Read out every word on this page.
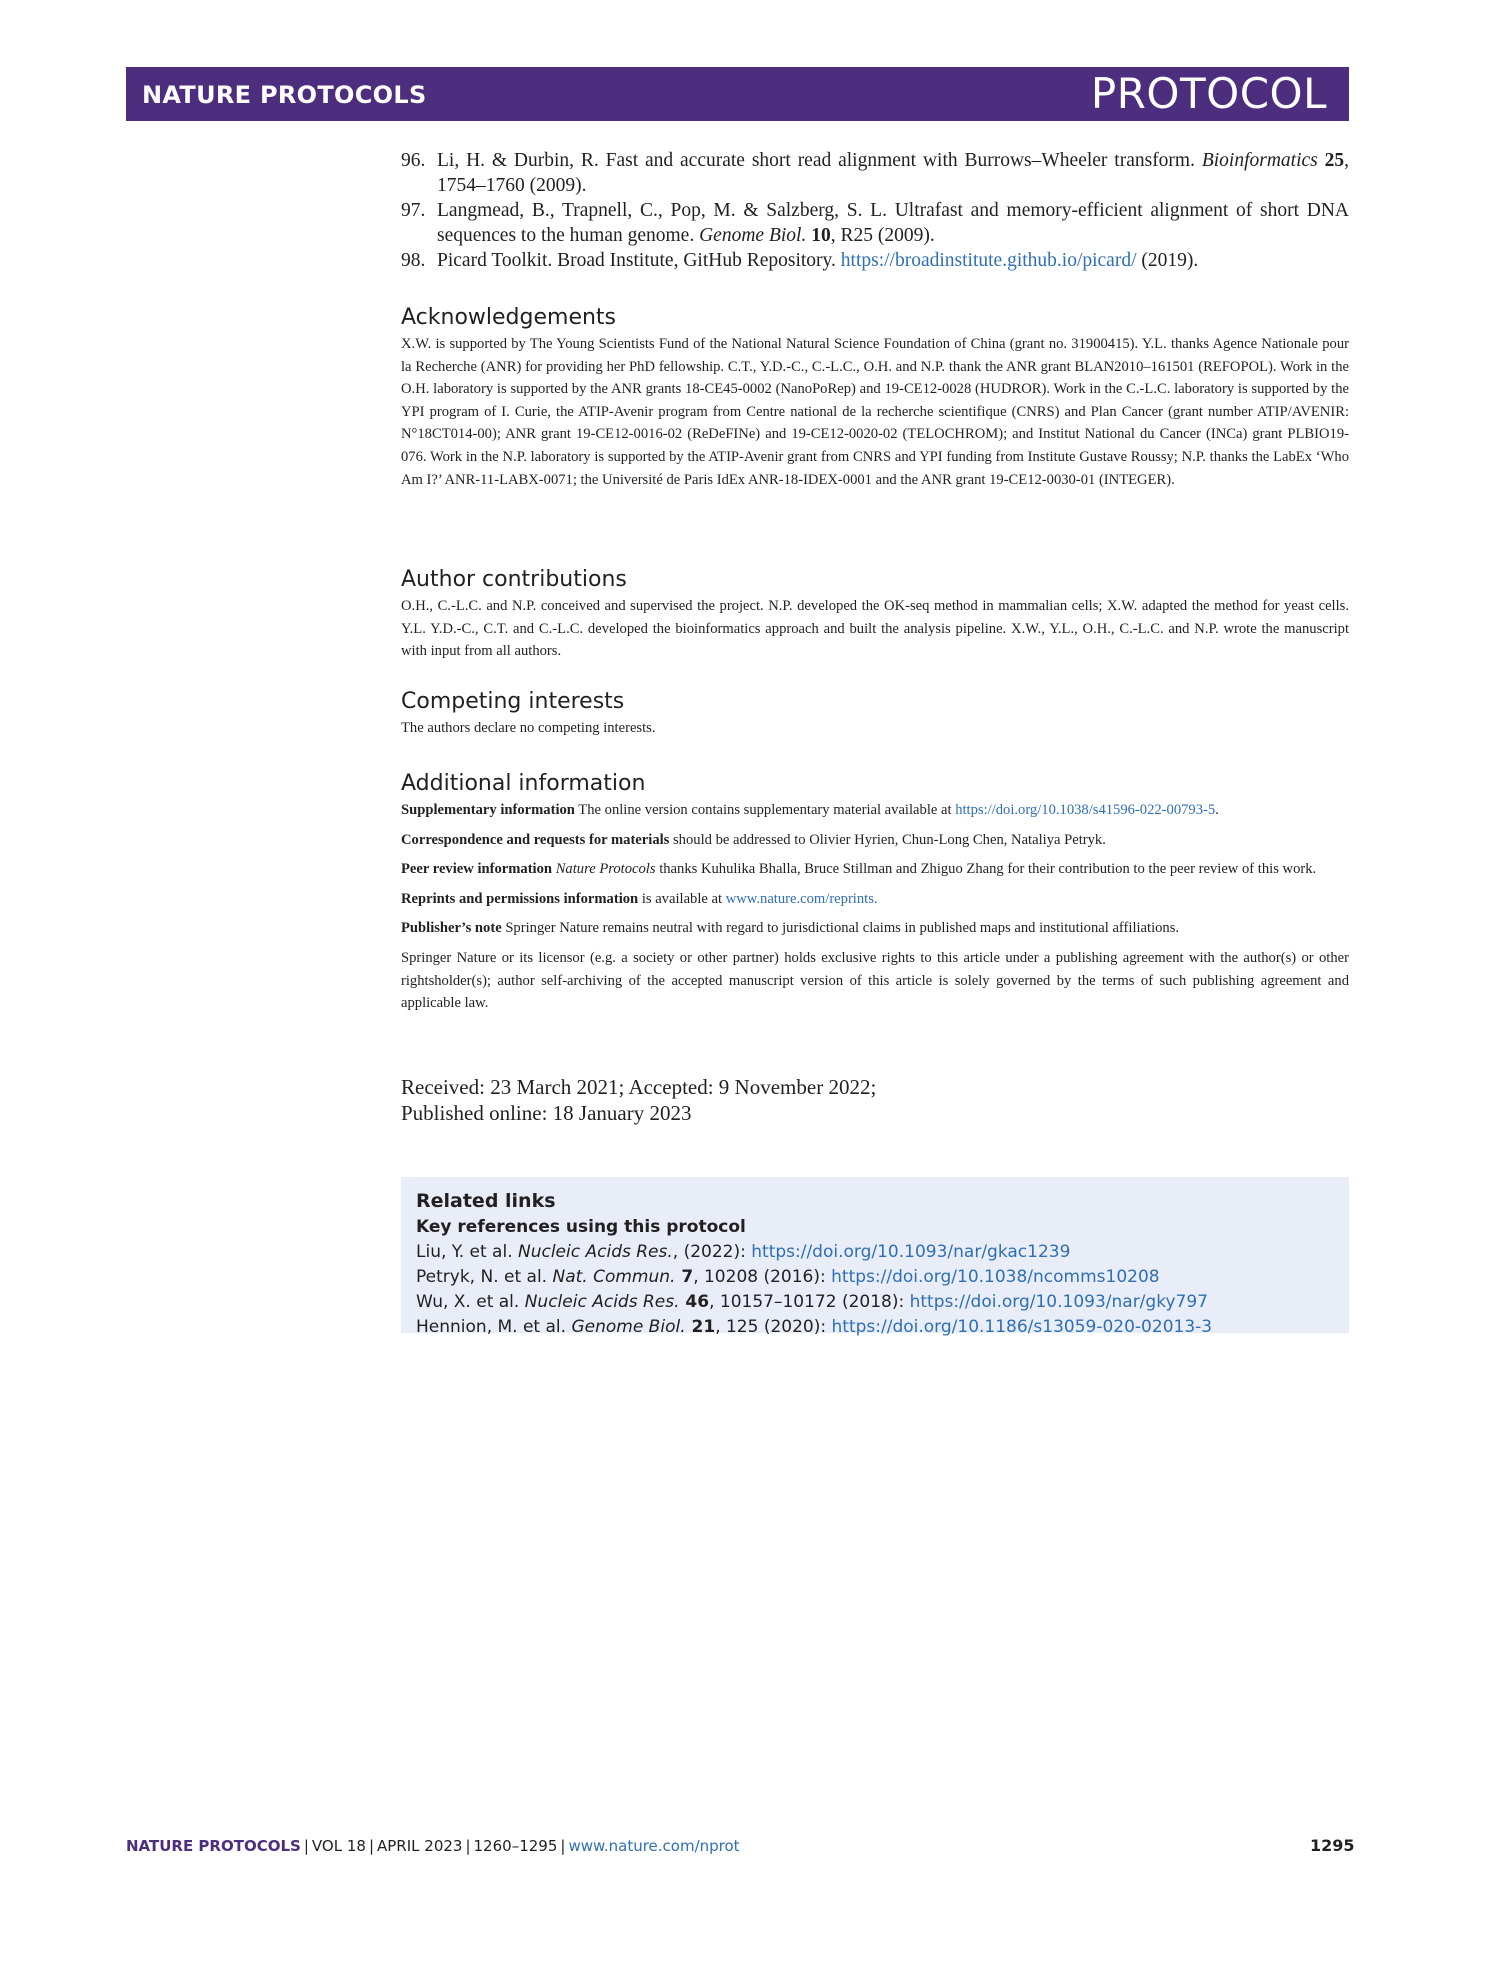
NATURE PROTOCOLS	PROTOCOL
96. Li, H. & Durbin, R. Fast and accurate short read alignment with Burrows–Wheeler transform. Bioinformatics 25, 1754–1760 (2009).
97. Langmead, B., Trapnell, C., Pop, M. & Salzberg, S. L. Ultrafast and memory-efficient alignment of short DNA sequences to the human genome. Genome Biol. 10, R25 (2009).
98. Picard Toolkit. Broad Institute, GitHub Repository. https://broadinstitute.github.io/picard/ (2019).
Acknowledgements
X.W. is supported by The Young Scientists Fund of the National Natural Science Foundation of China (grant no. 31900415). Y.L. thanks Agence Nationale pour la Recherche (ANR) for providing her PhD fellowship. C.T., Y.D.-C., C.-L.C., O.H. and N.P. thank the ANR grant BLAN2010–161501 (REFOPOL). Work in the O.H. laboratory is supported by the ANR grants 18-CE45-0002 (NanoPoRep) and 19-CE12-0028 (HUDROR). Work in the C.-L.C. laboratory is supported by the YPI program of I. Curie, the ATIP-Avenir program from Centre national de la recherche scientifique (CNRS) and Plan Cancer (grant number ATIP/AVENIR: N°18CT014-00); ANR grant 19-CE12-0016-02 (ReDeFINe) and 19-CE12-0020-02 (TELOCHROM); and Institut National du Cancer (INCa) grant PLBIO19-076. Work in the N.P. laboratory is supported by the ATIP-Avenir grant from CNRS and YPI funding from Institute Gustave Roussy; N.P. thanks the LabEx ‘Who Am I?’ ANR-11-LABX-0071; the Université de Paris IdEx ANR-18-IDEX-0001 and the ANR grant 19-CE12-0030-01 (INTEGER).
Author contributions
O.H., C.-L.C. and N.P. conceived and supervised the project. N.P. developed the OK-seq method in mammalian cells; X.W. adapted the method for yeast cells. Y.L. Y.D.-C., C.T. and C.-L.C. developed the bioinformatics approach and built the analysis pipeline. X.W., Y.L., O.H., C.-L.C. and N.P. wrote the manuscript with input from all authors.
Competing interests
The authors declare no competing interests.
Additional information
Supplementary information The online version contains supplementary material available at https://doi.org/10.1038/s41596-022-00793-5.
Correspondence and requests for materials should be addressed to Olivier Hyrien, Chun-Long Chen, Nataliya Petryk.
Peer review information Nature Protocols thanks Kuhulika Bhalla, Bruce Stillman and Zhiguo Zhang for their contribution to the peer review of this work.
Reprints and permissions information is available at www.nature.com/reprints.
Publisher’s note Springer Nature remains neutral with regard to jurisdictional claims in published maps and institutional affiliations.
Springer Nature or its licensor (e.g. a society or other partner) holds exclusive rights to this article under a publishing agreement with the author(s) or other rightsholder(s); author self-archiving of the accepted manuscript version of this article is solely governed by the terms of such publishing agreement and applicable law.
Received: 23 March 2021; Accepted: 9 November 2022;
Published online: 18 January 2023
Related links
Key references using this protocol
Liu, Y. et al. Nucleic Acids Res., (2022): https://doi.org/10.1093/nar/gkac1239
Petryk, N. et al. Nat. Commun. 7, 10208 (2016): https://doi.org/10.1038/ncomms10208
Wu, X. et al. Nucleic Acids Res. 46, 10157–10172 (2018): https://doi.org/10.1093/nar/gky797
Hennion, M. et al. Genome Biol. 21, 125 (2020): https://doi.org/10.1186/s13059-020-02013-3
NATURE PROTOCOLS | VOL 18 | APRIL 2023 | 1260–1295 | www.nature.com/nprot	1295
